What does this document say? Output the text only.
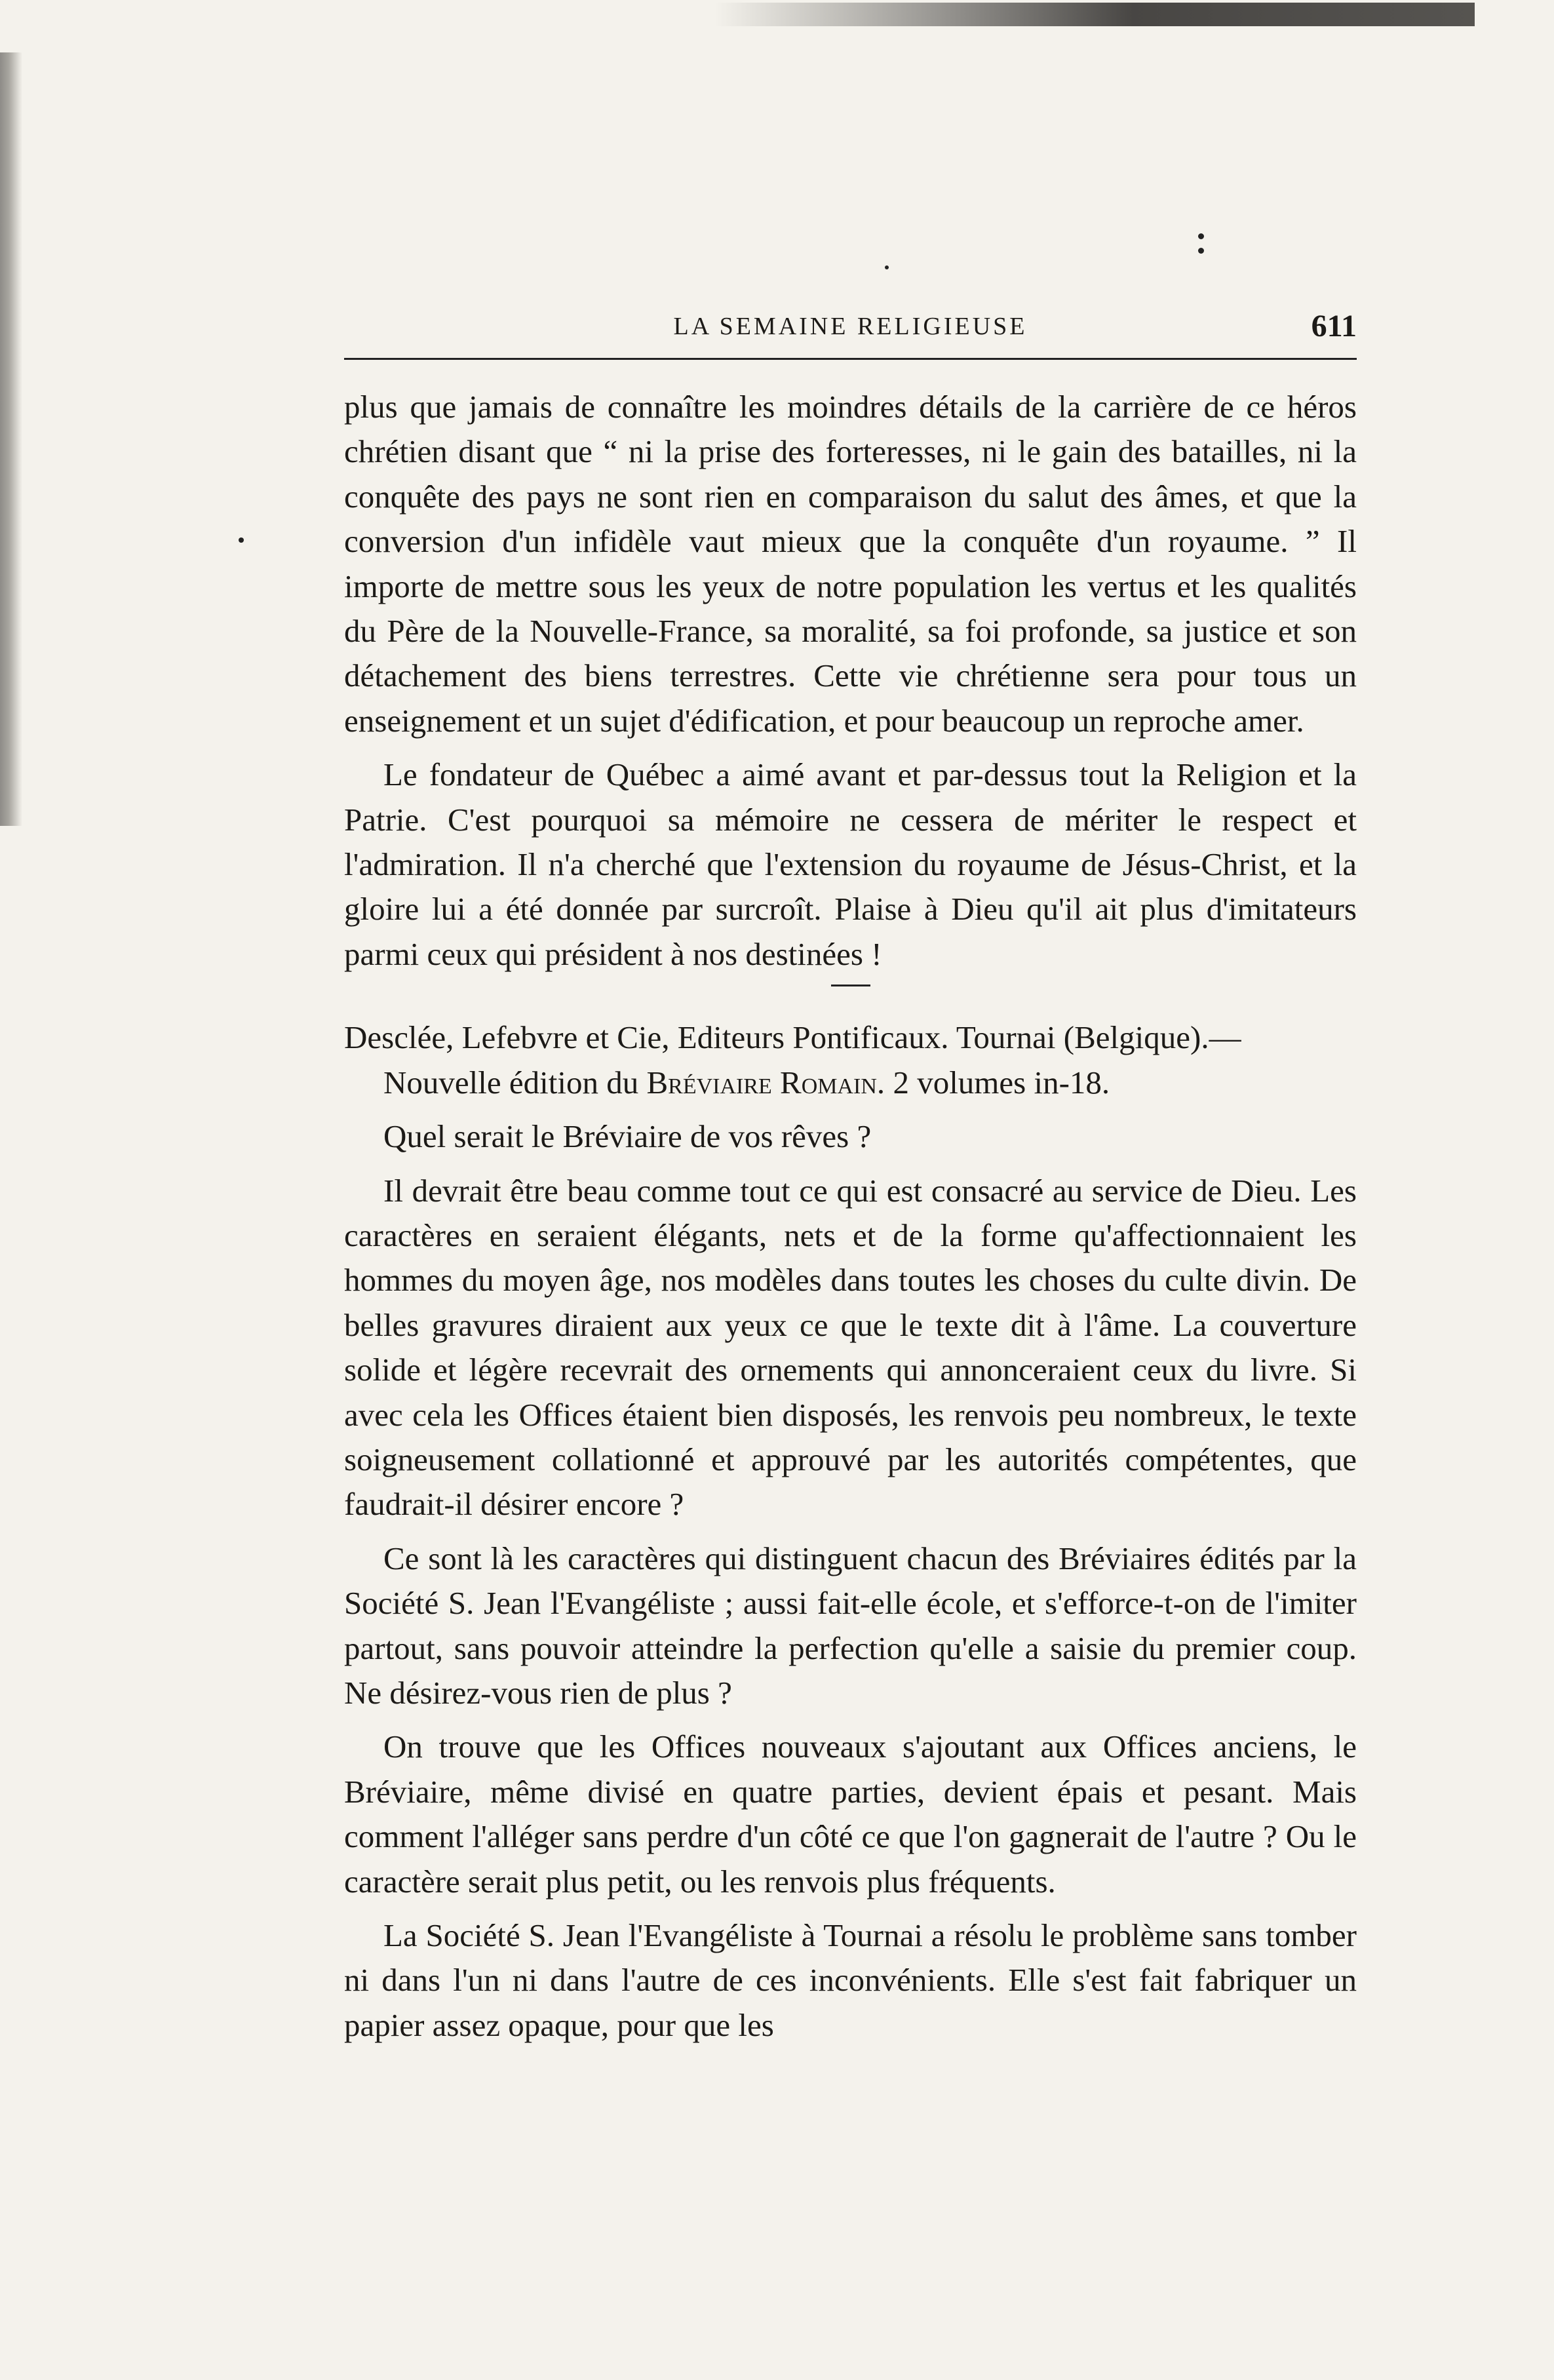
LA SEMAINE RELIGIEUSE	611

plus que jamais de connaître les moindres détails de la carrière de ce héros chrétien disant que “ ni la prise des forteresses, ni le gain des batailles, ni la conquête des pays ne sont rien en comparaison du salut des âmes, et que la conversion d'un infidèle vaut mieux que la conquête d'un royaume. ” Il importe de mettre sous les yeux de notre population les vertus et les qualités du Père de la Nouvelle-France, sa moralité, sa foi profonde, sa justice et son détachement des biens terrestres. Cette vie chrétienne sera pour tous un enseignement et un sujet d'édification, et pour beaucoup un reproche amer.

Le fondateur de Québec a aimé avant et par-dessus tout la Religion et la Patrie. C'est pourquoi sa mémoire ne cessera de mériter le respect et l'admiration. Il n'a cherché que l'extension du royaume de Jésus-Christ, et la gloire lui a été donnée par surcroît. Plaise à Dieu qu'il ait plus d'imitateurs parmi ceux qui président à nos destinées !

Desclée, Lefebvre et Cie, Editeurs Pontificaux. Tournai (Belgique).—

Nouvelle édition du Bréviaire Romain. 2 volumes in-18.

Quel serait le Bréviaire de vos rêves ?

Il devrait être beau comme tout ce qui est consacré au service de Dieu. Les caractères en seraient élégants, nets et de la forme qu'affectionnaient les hommes du moyen âge, nos modèles dans toutes les choses du culte divin. De belles gravures diraient aux yeux ce que le texte dit à l'âme. La couverture solide et légère recevrait des ornements qui annonceraient ceux du livre. Si avec cela les Offices étaient bien disposés, les renvois peu nombreux, le texte soigneusement collationné et approuvé par les autorités compétentes, que faudrait-il désirer encore ?

Ce sont là les caractères qui distinguent chacun des Bréviaires édités par la Société S. Jean l'Evangéliste ; aussi fait-elle école, et s'efforce-t-on de l'imiter partout, sans pouvoir atteindre la perfection qu'elle a saisie du premier coup. Ne désirez-vous rien de plus ?

On trouve que les Offices nouveaux s'ajoutant aux Offices anciens, le Bréviaire, même divisé en quatre parties, devient épais et pesant. Mais comment l'alléger sans perdre d'un côté ce que l'on gagnerait de l'autre ? Ou le caractère serait plus petit, ou les renvois plus fréquents.

La Société S. Jean l'Evangéliste à Tournai a résolu le problème sans tomber ni dans l'un ni dans l'autre de ces inconvénients. Elle s'est fait fabriquer un papier assez opaque, pour que les
